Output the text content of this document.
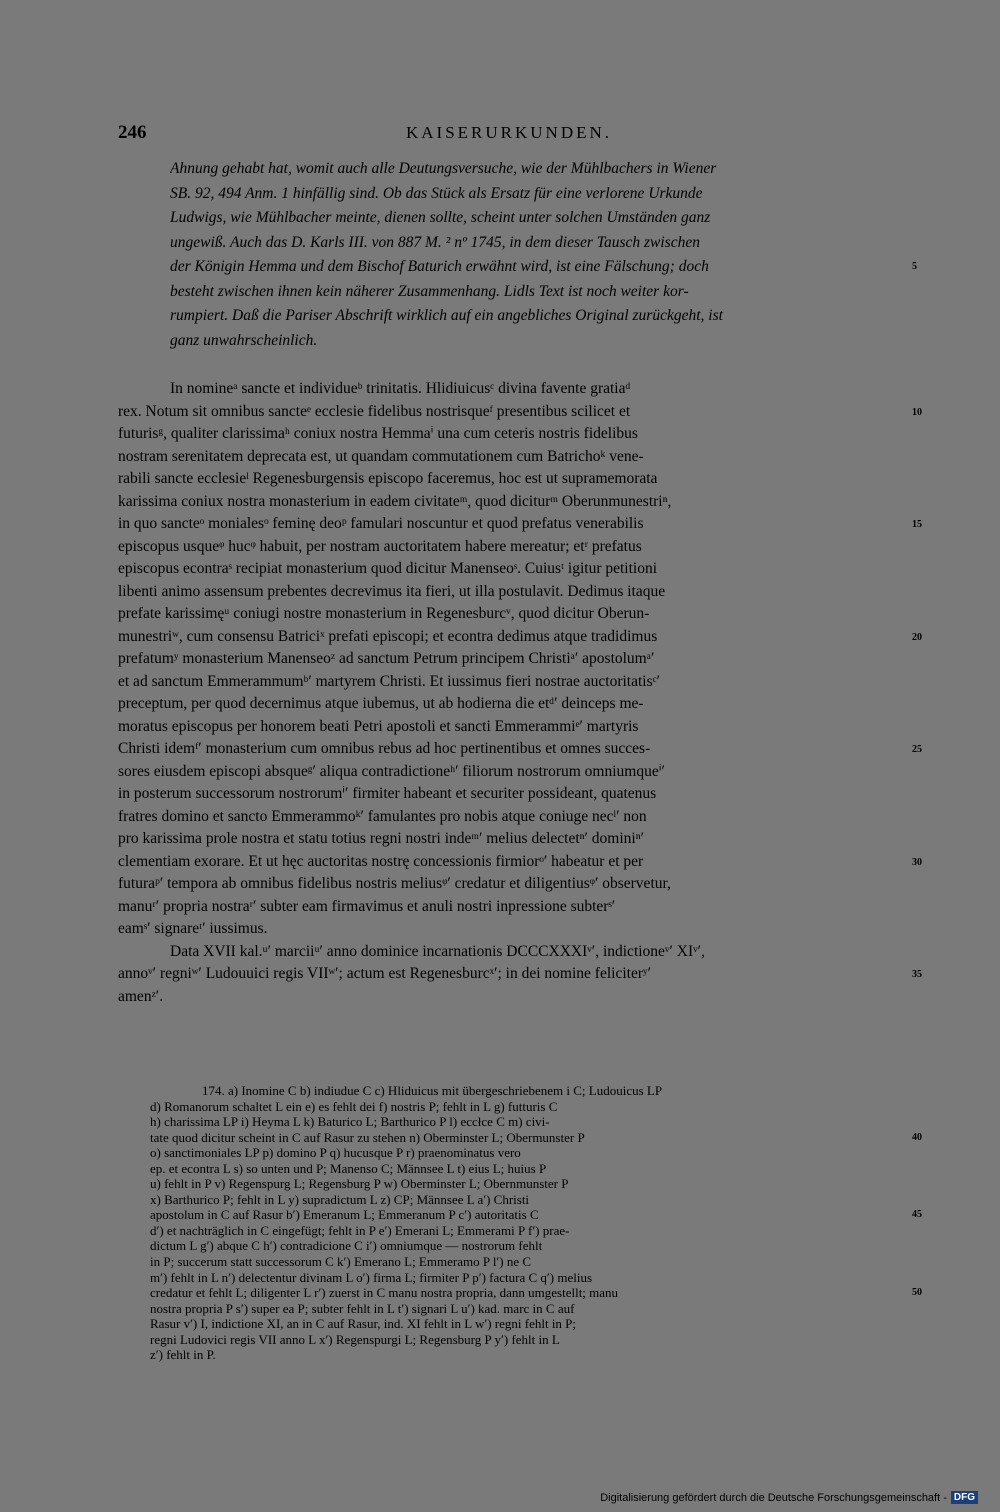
246	KAISERURKUNDEN.
Ahnung gehabt hat, womit auch alle Deutungsversuche, wie der Mühlbachers in Wiener
SB. 92, 494 Anm. 1 hinfällig sind. Ob das Stück als Ersatz für eine verlorene Urkunde
Ludwigs, wie Mühlbacher meinte, dienen sollte, scheint unter solchen Umständen ganz
ungewiß. Auch das D. Karls III. von 887 M. ² nº 1745, in dem dieser Tausch zwischen
der Königin Hemma und dem Bischof Baturich erwähnt wird, ist eine Fälschung; doch
besteht zwischen ihnen kein näherer Zusammenhang. Lidls Text ist noch weiter kor-
rumpiert. Daß die Pariser Abschrift wirklich auf ein angebliches Original zurückgeht, ist
ganz unwahrscheinlich.
In nomineᵃ sancte et individueᵇ trinitatis. Hlidiuicusᶜ divina favente gratiaᵈ
rex. Notum sit omnibus sancteᵉ ecclesie fidelibus nostrisqueᶠ presentibus scilicet et
futurisᵍ, qualiter clarissimaʰ coniux nostra Hemmaⁱ una cum ceteris nostris fidelibus
nostram serenitatem deprecata est, ut quandam commutationem cum Batrichoᵏ vene-
rabili sancte ecclesieˡ Regenesburgensis episcopo faceremus, hoc est ut supramemorata
karissima coniux nostra monasterium in eadem civitateᵐ, quod diciturᵐ Oberunmunestriⁿ,
in quo sancteᵒ monialesᵒ feminę deoᵖ famulari noscuntur et quod prefatus venerabilis
episcopus usqueᵠ hucᵠ habuit, per nostram auctoritatem habere mereatur; etʳ prefatus
episcopus econtraˢ recipiat monasterium quod dicitur Manenseoˢ. Cuiusᵗ igitur petitioni
libenti animo assensum prebentes decrevimus ita fieri, ut illa postulavit. Dedimus itaque
prefate karissimęᵘ coniugi nostre monasterium in Regenesburcᵛ, quod dicitur Oberun-
munestriʷ, cum consensu Batriciˣ prefati episcopi; et econtra dedimus atque tradidimus
prefatumʸ monasterium Manenseoᶻ ad sanctum Petrum principem Christiᵃ′ apostolumᵃ′
et ad sanctum Emmerammumᵇ′ martyrem Christi. Et iussimus fieri nostrae auctoritatisᶜ′
preceptum, per quod decernimus atque iubemus, ut ab hodierna die etᵈ′ deinceps me-
moratus episcopus per honorem beati Petri apostoli et sancti Emmerammiᵉ′ martyris
Christi idemᶠ′ monasterium cum omnibus rebus ad hoc pertinentibus et omnes succes-
sores eiusdem episcopi absqueᵍ′ aliqua contradictioneʰ′ filiorum nostrorum omniumqueⁱ′
in posterum successorum nostrorumⁱ′ firmiter habeant et securiter possideant, quatenus
fratres domino et sancto Emmerammoᵏ′ famulantes pro nobis atque coniuge necˡ′ non
pro karissima prole nostra et statu totius regni nostri indeᵐ′ melius delectetⁿ′ dominiⁿ′
clementiam exorare. Et ut hęc auctoritas nostrę concessionis firmiorᵒ′ habeatur et per
futuraᵖ′ tempora ab omnibus fidelibus nostris meliusᵠ′ credatur et diligentiusᵠ′ observetur,
manuʳ′ propria nostraʳ′ subter eam firmavimus et anuli nostri inpressione subterˢ′
eamˢ′ signareᵗ′ iussimus.
Data XVII kal.ᵘ′ marciiᵘ′ anno dominice incarnationis DCCCXXXIᵛ′, indictioneᵛ′ XIᵛ′,
annoᵛ′ regniʷ′ Ludouuici regis VIIʷ′; actum est Regenesburcˣ′; in dei nomine feliciterʸ′
amenᶻ′.
174. a) Inomine C b) indiudue C c) Hliduicus mit übergeschriebenem i C; Ludouicus LP
d) Romanorum schaltet L ein e) es fehlt dei f) nostris P; fehlt in L g) futturis C
h) charissima LP i) Heyma L k) Baturico L; Barthurico P l) eccłce C m) civi-
tate quod dicitur scheint in C auf Rasur zu stehen n) Oberminster L; Obermunster P
o) sanctimoniales LP p) domino P q) hucusque P r) praenominatus vero
ep. et econtra L s) so unten und P; Manenso C; Männsee L t) eius L; huius P
u) fehlt in P v) Regenspurg L; Regensburg P w) Oberminster L; Obernmunster P
x) Barthurico P; fehlt in L y) supradictum L z) CP; Männsee L a′) Christi
apostolum in C auf Rasur b′) Emeranum L; Emmeranum P c′) autoritatis C
d′) et nachträglich in C eingefügt; fehlt in P e′) Emerani L; Emmerami P f′) prae-
dictum L g′) abque C h′) contradicione C i′) omniumque — nostrorum fehlt
in P; succerum statt successorum C k′) Emerano L; Emmeramo P l′) ne C
m′) fehlt in L n′) delectentur divinam L o′) firma L; firmiter P p′) factura C q′) melius
credatur et fehlt L; diligenter L r′) zuerst in C manu nostra propria, dann umgestellt; manu
nostra propria P s′) super ea P; subter fehlt in L t′) signari L u′) kad. marc in C auf
Rasur v′) I, indictione XI, an in C auf Rasur, ind. XI fehlt in L w′) regni fehlt in P;
regni Ludovici regis VII anno L x′) Regenspurgi L; Regensburg P y′) fehlt in L
z′) fehlt in P.
5
10
15
20
25
30
35
40
45
50
Digitalisierung gefördert durch die Deutsche Forschungsgemeinschaft - DFG
